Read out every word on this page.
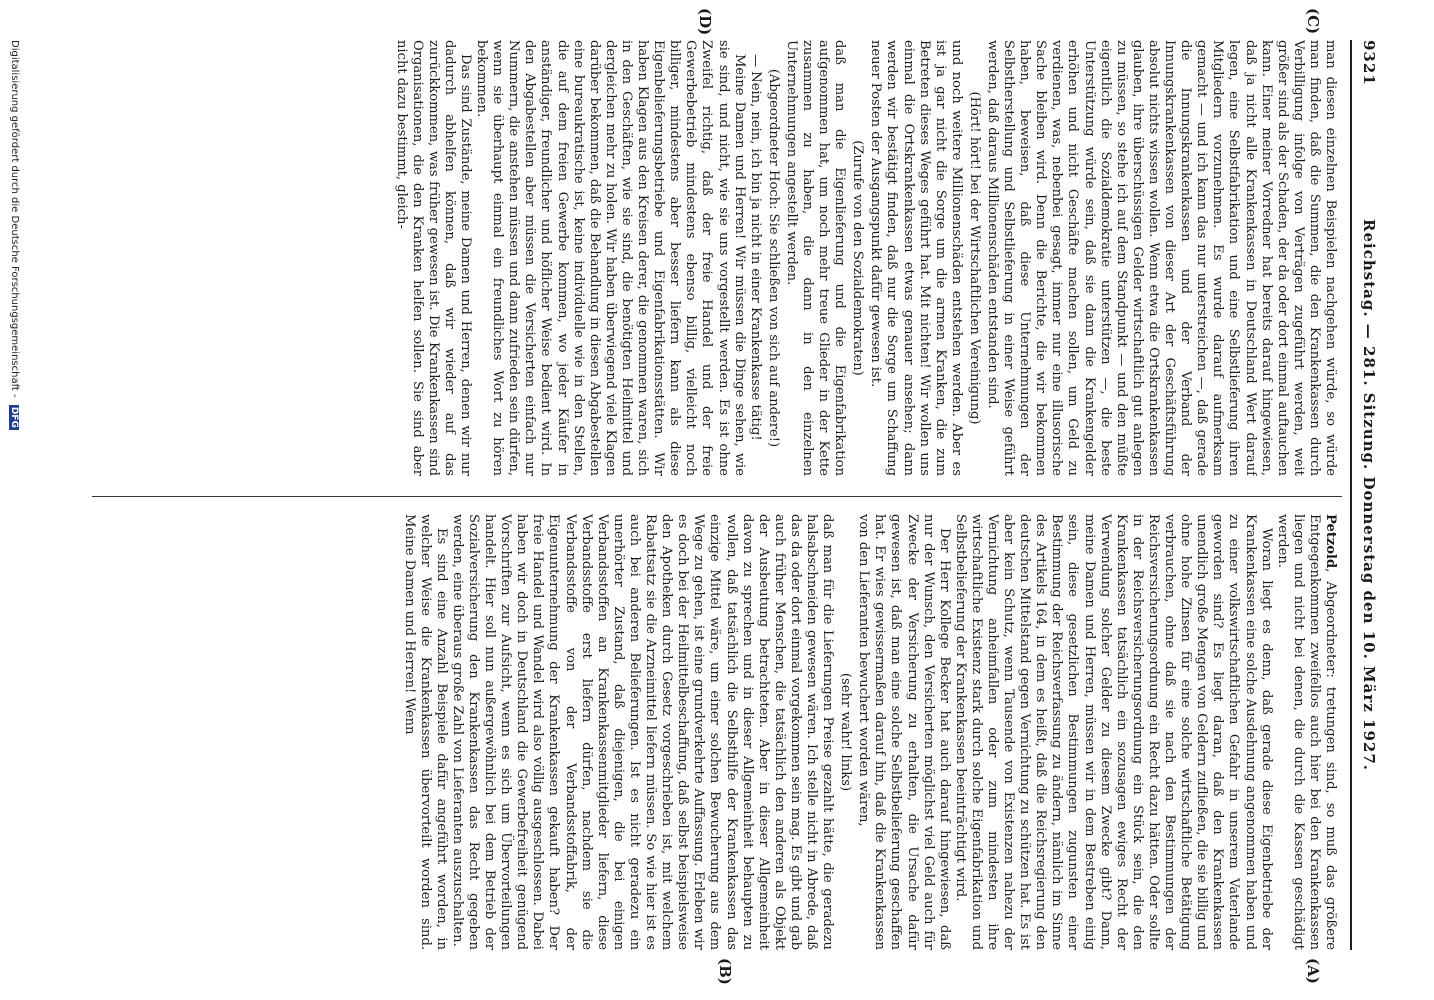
9321
Reichstag. — 281. Sitzung. Donnerstag den 10. März 1927.
(C)
(D)
(A)
(B)

man diesen einzelnen Beispielen nachgehen würde, so würde man finden, daß die Summen, die den Krankenkassen durch Verbilligung infolge von Verträgen zugeführt werden, weit größer sind als der Schaden, der da oder dort einmal auftauchen kann. Einer meiner Vorredner hat bereits darauf hingewiesen, daß ja nicht alle Krankenkassen in Deutschland Wert darauf legen, eine Selbstfabrikation und eine Selbstlieferung ihren Mitgliedern vorzunehmen. Es wurde darauf aufmerksam gemacht — und ich kann das nur unterstreichen —, daß gerade die Innungskrankenkassen und der Verband der Innungskrankenkassen von dieser Art der Geschäftsführung absolut nichts wissen wollen. Wenn etwa die Ortskrankenkassen glauben, ihre überschüssigen Gelder wirtschaftlich gut anlegen zu müssen, so stehe ich auf dem Standpunkt — und den müßte eigentlich die Sozialdemokratie unterstützen —, die beste Unterstützung würde sein, daß sie dann die Krankengelder erhöhen und nicht Geschäfte machen sollen, um Geld zu verdienen, was, nebenbei gesagt, immer nur eine illusorische Sache bleiben wird. Denn die Berichte, die wir bekommen haben, beweisen, daß diese Unternehmungen der Selbstherstellung und Selbstlieferung in einer Weise geführt werden, daß daraus Millionenschäden entstanden sind.

(Hört! hört! bei der Wirtschaftlichen Vereinigung)

und noch weitere Millionenschäden entstehen werden. Aber es ist ja gar nicht die Sorge um die armen Kranken, die zum Betreten dieses Weges geführt hat. Mit nichten! Wir wollen uns einmal die Ortskrankenkassen etwas genauer ansehen; dann werden wir bestätigt finden, daß nur die Sorge um Schaffung neuer Posten der Ausgangspunkt dafür gewesen ist.

(Zurufe von den Sozialdemokraten)

daß man die Eigenlieferung und die Eigenfabrikation aufgenommen hat, um noch mehr treue Glieder in der Kette zusammen zu haben, die dann in den einzelnen Unternehmungen angestellt werden.

(Abgeordneter Hoch: Sie schließen von sich auf andere!)

— Nein, nein, ich bin ja nicht in einer Krankenkasse tätig!

Meine Damen und Herren! Wir müssen die Dinge sehen, wie sie sind, und nicht, wie sie uns vorgestellt werden. Es ist ohne Zweifel richtig, daß der freie Handel und der freie Gewerbebetrieb mindestens ebenso billig, vielleicht noch billiger, mindestens aber besser liefern kann als diese Eigenbelieferungsbetriebe und Eigenfabrikationsstätten. Wir haben Klagen aus den Kreisen derer, die genommen waren, sich in den Geschäften, wie sie sind, die benötigten Heilmittel und dergleichen mehr zu holen. Wir haben überwiegend viele Klagen darüber bekommen, daß die Behandlung in diesen Abgabestellen eine bureaukratische ist, keine individuelle wie in den Stellen, die auf dem freien Gewerbe kommen, wo jeder Käufer in anständiger, freundlicher und höflicher Weise bedient wird. In den Abgabestellen aber müssen die Versicherten einfach nur Nummern, die anstehen müssen und dann zufrieden sein dürfen, wenn sie überhaupt einmal ein freundliches Wort zu hören bekommen.

Das sind Zustände, meine Damen und Herren, denen wir nur dadurch abhelfen können, daß wir wieder auf das zurückkommen, was früher gewesen ist. Die Krankenkassen sind Organisationen, die den Kranken helfen sollen. Sie sind aber nicht dazu bestimmt, gleich-

Petzold, Abgeordneter: tretungen sind, so muß das größere Entgegenkommen zweifellos auch hier bei den Krankenkassen liegen und nicht bei denen, die durch die Kassen geschädigt werden.

Woran liegt es denn, daß gerade diese Eigenbetriebe der Krankenkassen eine solche Ausdehnung angenommen haben und zu einer volkswirtschaftlichen Gefahr in unserem Vaterlande geworden sind? Es liegt daran, daß den Krankenkassen unendlich große Mengen von Geldern zufließen, die sie billig und ohne hohe Zinsen für eine solche wirtschaftliche Betätigung verbrauchen, ohne daß sie nach den Bestimmungen der Reichsversicherungsordnung ein Recht dazu hätten. Oder sollte in der Reichsversicherungsordnung ein Stück sein, die den Krankenkassen tatsächlich ein sozusagen ewiges Recht der Verwendung solcher Gelder zu diesem Zwecke gibt? Dann, meine Damen und Herren, müssen wir in dem Bestreben einig sein, diese gesetzlichen Bestimmungen zugunsten einer Bestimmung der Reichsverfassung zu ändern, nämlich im Sinne des Artikels 164, in dem es heißt, daß die Reichsregierung den deutschen Mittelstand gegen Vernichtung zu schützen hat. Es ist aber kein Schutz, wenn Tausende von Existenzen nahezu der Vernichtung anheimfallen oder zum mindesten ihre wirtschaftliche Existenz stark durch solche Eigenfabrikation und Selbstbelieferung der Krankenkassen beeinträchtigt wird.

Der Herr Kollege Becker hat auch darauf hingewiesen, daß nur der Wunsch, den Versicherten möglichst viel Geld auch für Zwecke der Versicherung zu erhalten, die Ursache dafür gewesen ist, daß man eine solche Selbstbelieferung geschaffen hat. Er wies gewissermaßen darauf hin, daß die Krankenkassen von den Lieferanten bewuchert worden wären,

(sehr wahr! links)

daß man für die Lieferungen Preise gezahlt hätte, die geradezu halsabschneiden gewesen wären. Ich stelle nicht in Abrede, daß das da oder dort einmal vorgekommen sein mag. Es gibt und gab auch früher Menschen, die tatsächlich den anderen als Objekt der Ausbeutung betrachteten. Aber in dieser Allgemeinheit davon zu sprechen und in dieser Allgemeinheit behaupten zu wollen, daß tatsächlich die Selbsthilfe der Krankenkassen das einzige Mittel wäre, um einer solchen Bewucherung aus dem Wege zu gehen, ist eine grundverkehrte Auffassung. Erleben wir es doch bei der Heilmittelbeschaffung, daß selbst beispielsweise den Apotheken durch Gesetz vorgeschrieben ist, mit welchem Rabattsatz sie die Arzneimittel liefern müssen. So wie hier ist es auch bei anderen Belieferungen. Ist es nicht geradezu ein unerhörter Zustand, daß diejenigen, die bei einigen Verbandsstoffen an Krankenkassenmitglieder liefern, diese Verbandsstoffe erst liefern dürfen, nachdem sie die Verbandsstoffe von der Verbandsstoffabrik, der Eigenunternehmung der Krankenkassen gekauft haben? Der freie Handel und Wandel wird also völlig ausgeschlossen. Dabei haben wir doch in Deutschland die Gewerbefreiheit genügend Vorschriften zur Aufsicht, wenn es sich um Übervorteilungen handelt. Hier soll nun außergewöhnlich bei dem Betrieb der Sozialversicherung den Krankenkassen das Recht gegeben werden, eine überaus große Zahl von Lieferanten auszuschalten.

Es sind eine Anzahl Beispiele dafür angeführt worden, in welcher Weise die Krankenkassen übervorteilt worden sind. Meine Damen und Herren! Wenn

Digitalisierung gefördert durch die Deutsche Forschungsgemeinschaft - DFG
